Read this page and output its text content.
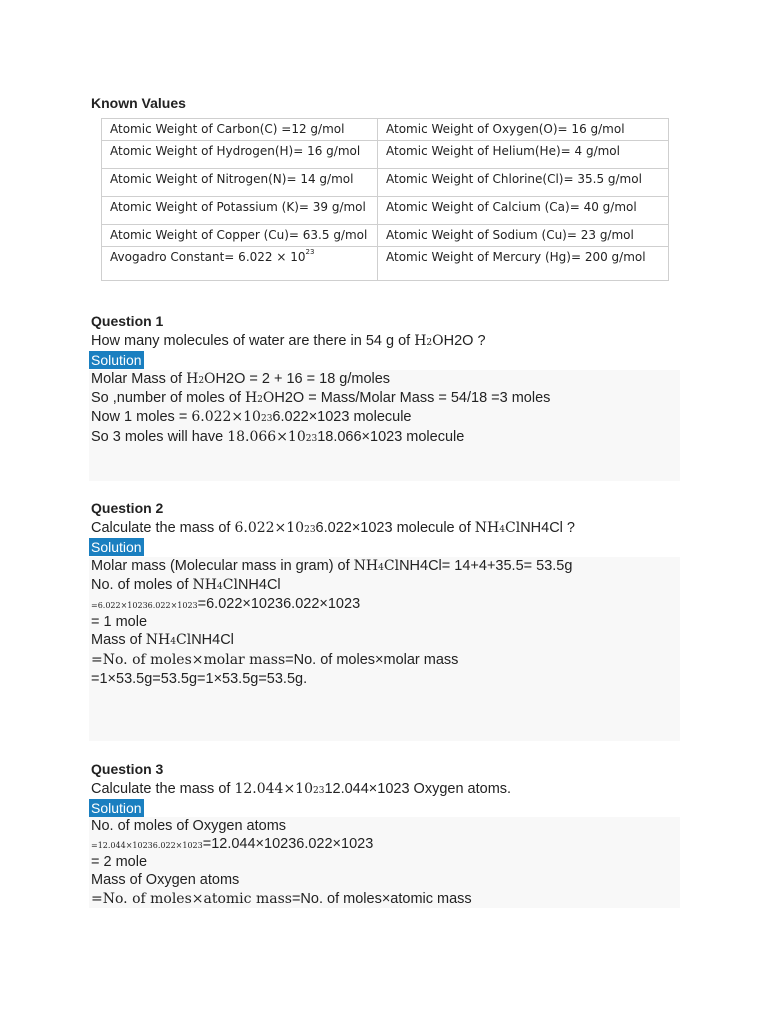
Known Values
Atomic Weight of Carbon(C) =12 g/mol	Atomic Weight of Oxygen(O)= 16 g/mol
Atomic Weight of Hydrogen(H)= 16 g/mol	Atomic Weight of Helium(He)= 4 g/mol
Atomic Weight of Nitrogen(N)= 14 g/mol	Atomic Weight of Chlorine(Cl)= 35.5 g/mol
Atomic Weight of Potassium (K)= 39 g/mol	Atomic Weight of Calcium (Ca)= 40 g/mol
Atomic Weight of Copper (Cu)= 63.5 g/mol	Atomic Weight of Sodium (Cu)= 23 g/mol
Avogadro Constant= $6.022 \times 10^{23}$	Atomic Weight of Mercury (Hg)= 200 g/mol
Question 1
How many molecules of water are there in 54 g of H2OH2O ?
Solution
Molar Mass of H2OH2O = 2 + 16 = 18 g/moles
So ,number of moles of H2OH2O = Mass/Molar Mass = 54/18 =3 moles
Now 1 moles = 6.022×10236.022×1023 molecule
So 3 moles will have 18.066×102318.066×1023 molecule
Question 2
Calculate the mass of 6.022×10236.022×1023 molecule of NH4ClNH4Cl ?
Solution
Molar mass (Molecular mass in gram) of NH4ClNH4Cl= 14+4+35.5= 53.5g
No. of moles of NH4ClNH4Cl
=6.022×10236.022×1023=6.022×10236.022×1023
= 1 mole
Mass of NH4ClNH4Cl
=No. of moles×molar mass=No. of moles×molar mass
=1×53.5g=53.5g=1×53.5g=53.5g.
Question 3
Calculate the mass of 12.044×102312.044×1023 Oxygen atoms.
Solution
No. of moles of Oxygen atoms
=12.044×10236.022×1023=12.044×10236.022×1023
= 2 mole
Mass of Oxygen atoms
=No. of moles×atomic mass=No. of moles×atomic mass
